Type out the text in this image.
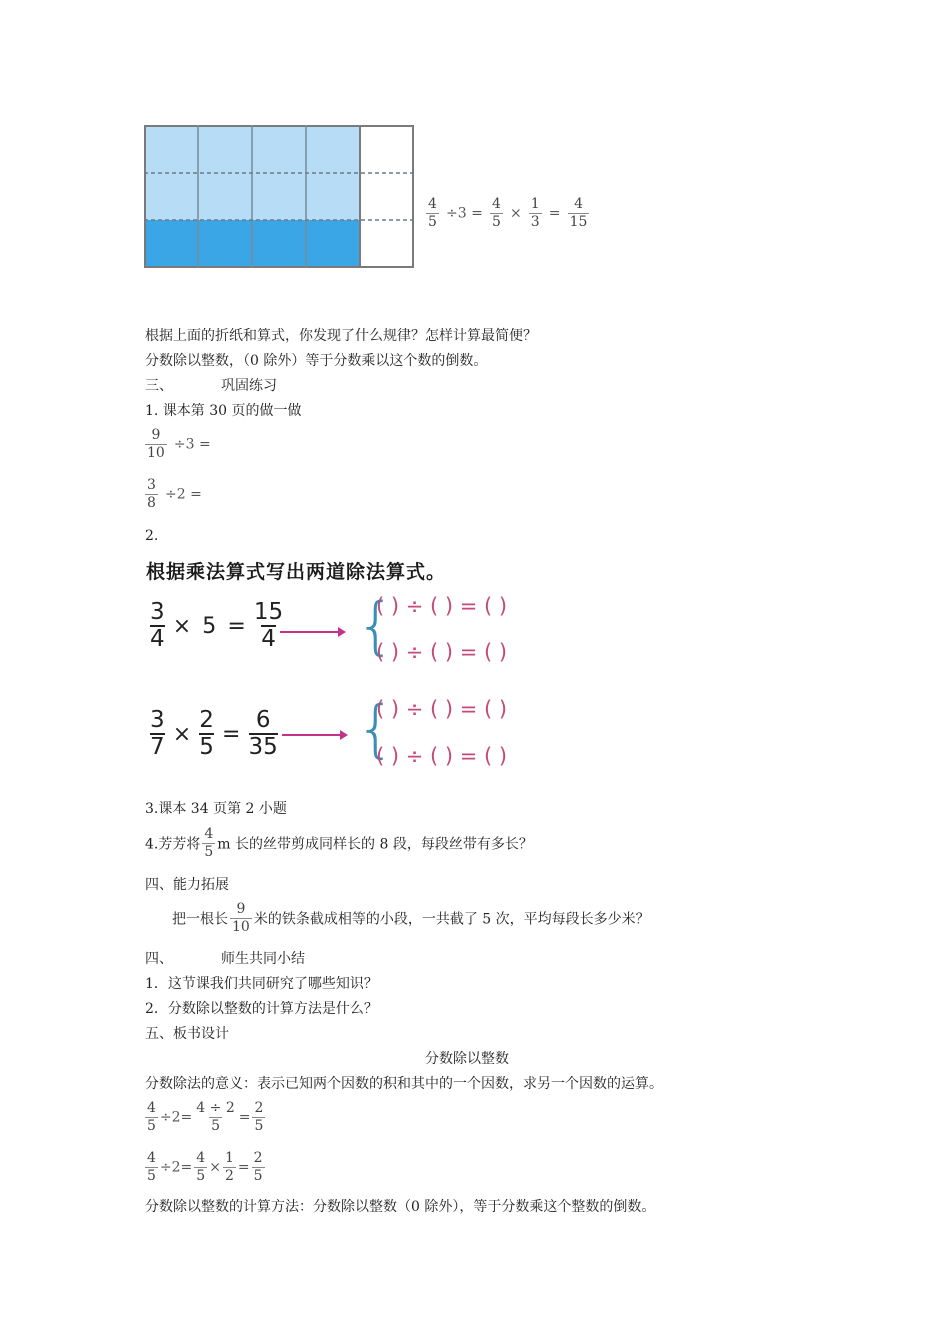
$\frac{4}{5} \div 3 = \frac{4}{5} \times \frac{1}{3} = \frac{4}{15}$
根据上面的折纸和算式，你发现了什么规律？怎样计算最简便？
分数除以整数，（0 除外）等于分数乘以这个数的倒数。
三、	巩固练习
1. 课本第 30 页的做一做
$\frac{9}{10} \div 3$ =
$\frac{3}{8} \div 2$ =
2.
根据乘法算式写出两道除法算式。
$\frac{3}{4} \times 5 = \frac{15}{4}$ {
( ) ÷ ( ) = ( )
( ) ÷ ( ) = ( )
$\frac{3}{7} \times \frac{2}{5} = \frac{6}{35}$ {
( ) ÷ ( ) = ( )
( ) ÷ ( ) = ( )
3.课本 34 页第 2 小题
4.芳芳将 $\frac{4}{5}$ m 长的丝带剪成同样长的 8 段，每段丝带有多长？
四、能力拓展
把一根长 $\frac{9}{10}$ 米的铁条截成相等的小段，一共截了 5 次，平均每段长多少米？
四、	师生共同小结
1．这节课我们共同研究了哪些知识？
2．分数除以整数的计算方法是什么？
五、板书设计
分数除以整数
分数除法的意义：表示已知两个因数的积和其中的一个因数，求另一个因数的运算。
$\frac{4}{5} \div 2= \frac{4 \div 2}{5} = \frac{2}{5}$
$\frac{4}{5} \div 2= \frac{4}{5} \times \frac{1}{2} = \frac{2}{5}$
分数除以整数的计算方法：分数除以整数（0 除外），等于分数乘这个整数的倒数。
